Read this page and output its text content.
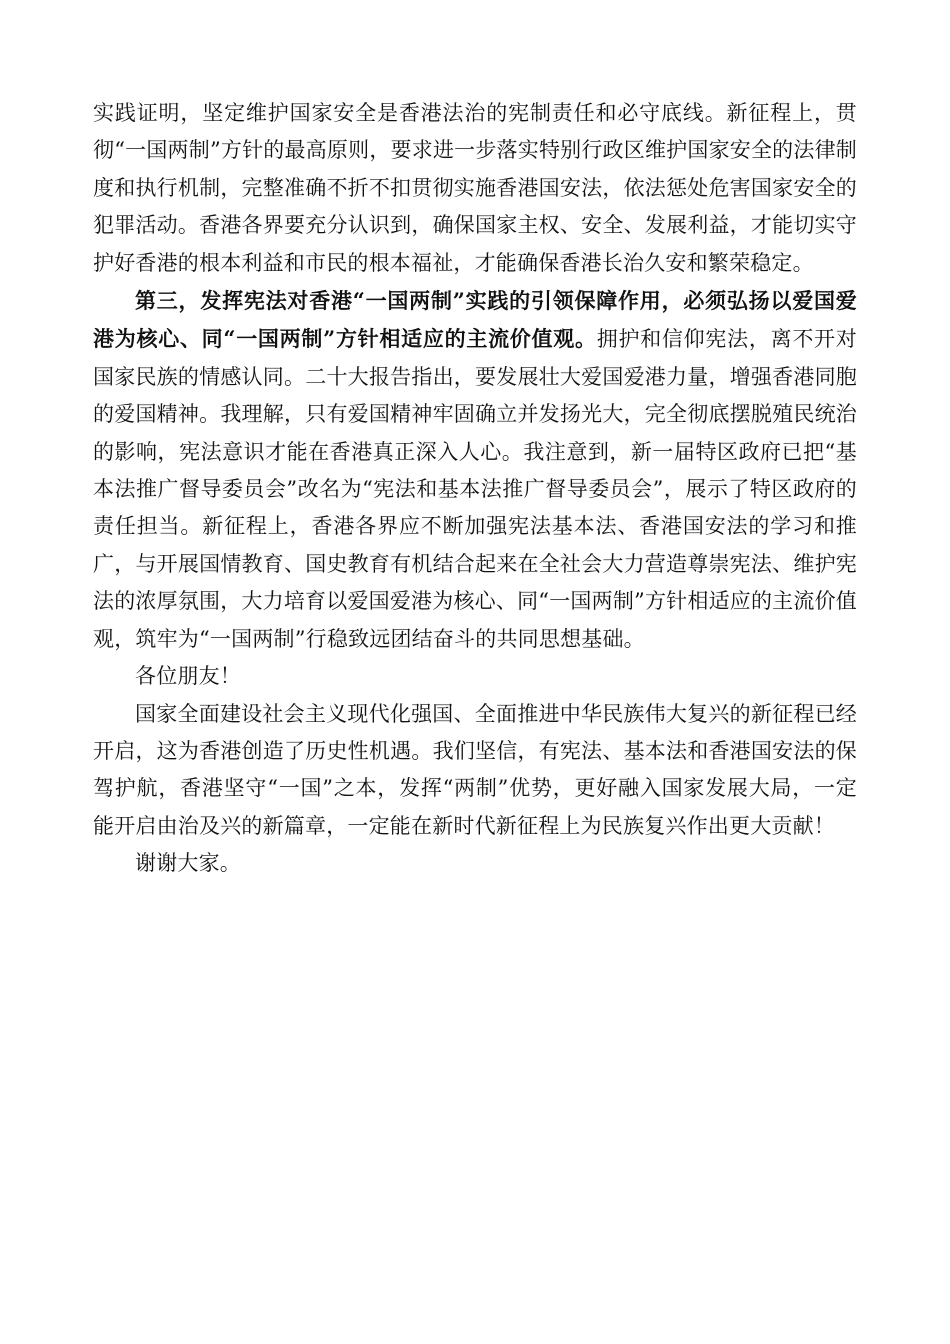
实践证明，坚定维护国家安全是香港法治的宪制责任和必守底线。新征程上，贯彻“一国两制”方针的最高原则，要求进一步落实特别行政区维护国家安全的法律制度和执行机制，完整准确不折不扣贯彻实施香港国安法，依法惩处危害国家安全的犯罪活动。香港各界要充分认识到，确保国家主权、安全、发展利益，才能切实守护好香港的根本利益和市民的根本福祉，才能确保香港长治久安和繁荣稳定。

第三，发挥宪法对香港“一国两制”实践的引领保障作用，必须弘扬以爱国爱港为核心、同“一国两制”方针相适应的主流价值观。拥护和信仰宪法，离不开对国家民族的情感认同。二十大报告指出，要发展壮大爱国爱港力量，增强香港同胞的爱国精神。我理解，只有爱国精神牢固确立并发扬光大，完全彻底摆脱殖民统治的影响，宪法意识才能在香港真正深入人心。我注意到，新一届特区政府已把“基本法推广督导委员会”改名为“宪法和基本法推广督导委员会”，展示了特区政府的责任担当。新征程上，香港各界应不断加强宪法基本法、香港国安法的学习和推广，与开展国情教育、国史教育有机结合起来在全社会大力营造尊崇宪法、维护宪法的浓厚氛围，大力培育以爱国爱港为核心、同“一国两制”方针相适应的主流价值观，筑牢为“一国两制”行稳致远团结奋斗的共同思想基础。

各位朋友！

国家全面建设社会主义现代化强国、全面推进中华民族伟大复兴的新征程已经开启，这为香港创造了历史性机遇。我们坚信，有宪法、基本法和香港国安法的保驾护航，香港坚守“一国”之本，发挥“两制”优势，更好融入国家发展大局，一定能开启由治及兴的新篇章，一定能在新时代新征程上为民族复兴作出更大贡献！

谢谢大家。
